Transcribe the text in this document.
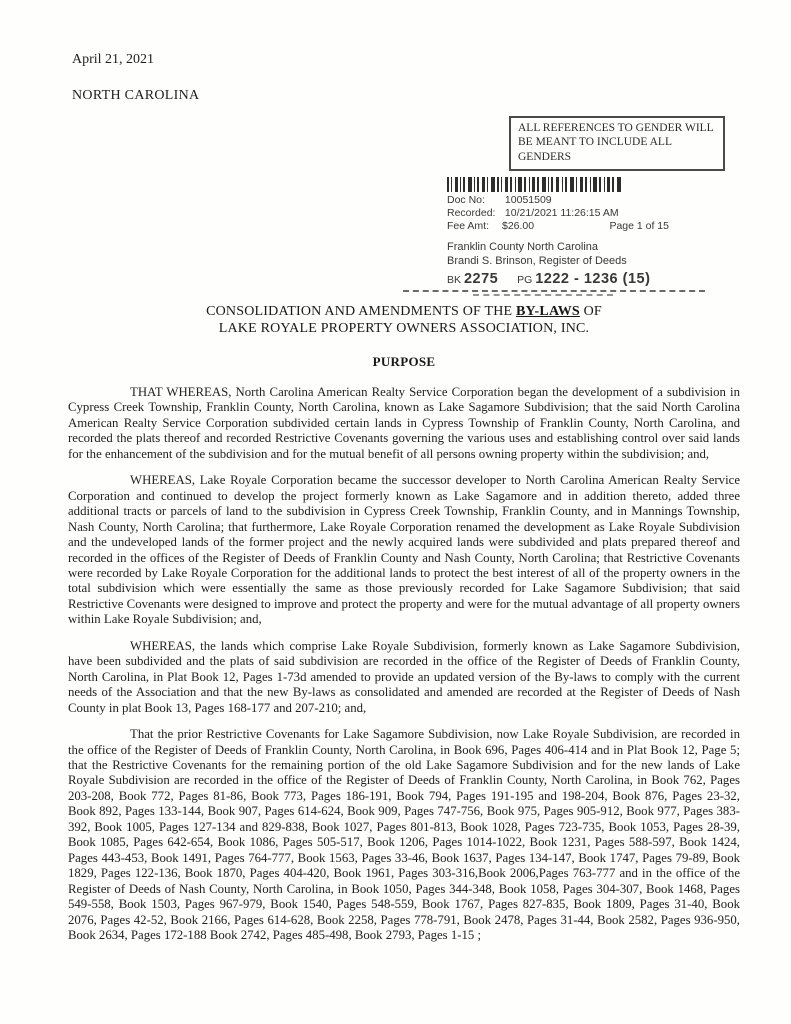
April 21, 2021
NORTH CAROLINA
ALL REFERENCES TO GENDER WILL BE MEANT TO INCLUDE ALL GENDERS
Doc No: 10051509
Recorded: 10/21/2021 11:26:15 AM
Fee Amt:	$26.00	Page 1 of 15
Franklin County North Carolina
Brandi S. Brinson, Register of Deeds
BK 2275 PG 1222 - 1236 (15)
CONSOLIDATION AND AMENDMENTS OF THE BY-LAWS OF
LAKE ROYALE PROPERTY OWNERS ASSOCIATION, INC.
PURPOSE

THAT WHEREAS, North Carolina American Realty Service Corporation began the development of a subdivision in Cypress Creek Township, Franklin County, North Carolina, known as Lake Sagamore Subdivision; that the said North Carolina American Realty Service Corporation subdivided certain lands in Cypress Township of Franklin County, North Carolina, and recorded the plats thereof and recorded Restrictive Covenants governing the various uses and establishing control over said lands for the enhancement of the subdivision and for the mutual benefit of all persons owning property within the subdivision; and,

WHEREAS, Lake Royale Corporation became the successor developer to North Carolina American Realty Service Corporation and continued to develop the project formerly known as Lake Sagamore and in addition thereto, added three additional tracts or parcels of land to the subdivision in Cypress Creek Township, Franklin County, and in Mannings Township, Nash County, North Carolina; that furthermore, Lake Royale Corporation renamed the development as Lake Royale Subdivision and the undeveloped lands of the former project and the newly acquired lands were subdivided and plats prepared thereof and recorded in the offices of the Register of Deeds of Franklin County and Nash County, North Carolina; that Restrictive Covenants were recorded by Lake Royale Corporation for the additional lands to protect the best interest of all of the property owners in the total subdivision which were essentially the same as those previously recorded for Lake Sagamore Subdivision; that said Restrictive Covenants were designed to improve and protect the property and were for the mutual advantage of all property owners within Lake Royale Subdivision; and,

WHEREAS, the lands which comprise Lake Royale Subdivision, formerly known as Lake Sagamore Subdivision, have been subdivided and the plats of said subdivision are recorded in the office of the Register of Deeds of Franklin County, North Carolina, in Plat Book 12, Pages 1-73d amended to provide an updated version of the By-laws to comply with the current needs of the Association and that the new By-laws as consolidated and amended are recorded at the Register of Deeds of Nash County in plat Book 13, Pages 168-177 and 207-210; and,

That the prior Restrictive Covenants for Lake Sagamore Subdivision, now Lake Royale Subdivision, are recorded in the office of the Register of Deeds of Franklin County, North Carolina, in Book 696, Pages 406-414 and in Plat Book 12, Page 5; that the Restrictive Covenants for the remaining portion of the old Lake Sagamore Subdivision and for the new lands of Lake Royale Subdivision are recorded in the office of the Register of Deeds of Franklin County, North Carolina, in Book 762, Pages 203-208, Book 772, Pages 81-86, Book 773, Pages 186-191, Book 794, Pages 191-195 and 198-204, Book 876, Pages 23-32, Book 892, Pages 133-144, Book 907, Pages 614-624, Book 909, Pages 747-756, Book 975, Pages 905-912, Book 977, Pages 383-392, Book 1005, Pages 127-134 and 829-838, Book 1027, Pages 801-813, Book 1028, Pages 723-735, Book 1053, Pages 28-39, Book 1085, Pages 642-654, Book 1086, Pages 505-517, Book 1206, Pages 1014-1022, Book 1231, Pages 588-597, Book 1424, Pages 443-453, Book 1491, Pages 764-777, Book 1563, Pages 33-46, Book 1637, Pages 134-147, Book 1747, Pages 79-89, Book 1829, Pages 122-136, Book 1870, Pages 404-420, Book 1961, Pages 303-316,Book 2006,Pages 763-777 and in the office of the Register of Deeds of Nash County, North Carolina, in Book 1050, Pages 344-348, Book 1058, Pages 304-307, Book 1468, Pages 549-558, Book 1503, Pages 967-979, Book 1540, Pages 548-559, Book 1767, Pages 827-835, Book 1809, Pages 31-40, Book 2076, Pages 42-52, Book 2166, Pages 614-628, Book 2258, Pages 778-791, Book 2478, Pages 31-44, Book 2582, Pages 936-950, Book 2634, Pages 172-188 Book 2742, Pages 485-498, Book 2793, Pages 1-15 ;
